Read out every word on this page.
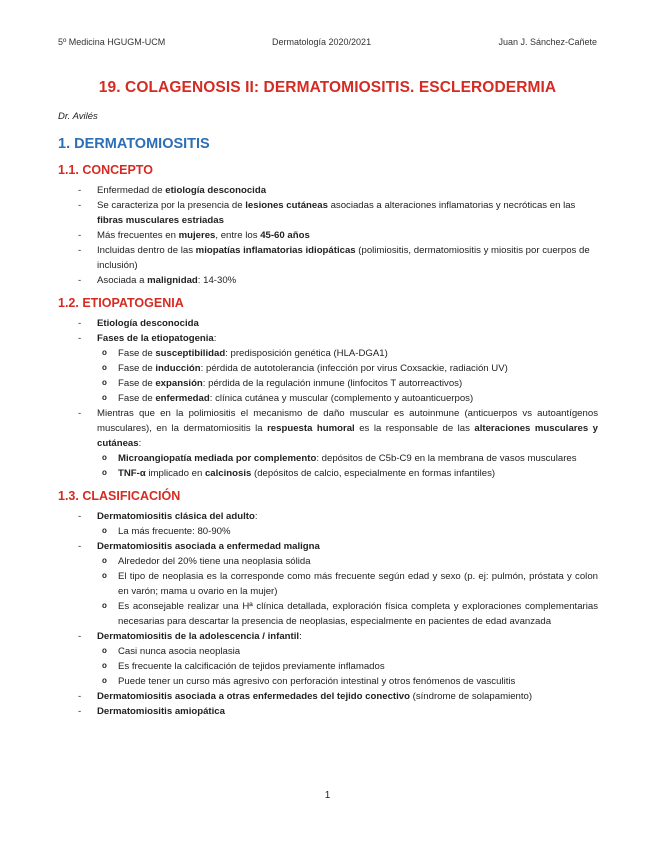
5º Medicina HGUGM-UCM	Dermatología 2020/2021	Juan J. Sánchez-Cañete
19. COLAGENOSIS II: DERMATOMIOSITIS. ESCLERODERMIA
Dr. Avilés
1. DERMATOMIOSITIS
1.1. CONCEPTO
- Enfermedad de etiología desconocida
- Se caracteriza por la presencia de lesiones cutáneas asociadas a alteraciones inflamatorias y necróticas en las fibras musculares estriadas
- Más frecuentes en mujeres, entre los 45-60 años
- Incluidas dentro de las miopatías inflamatorias idiopáticas (polimiositis, dermatomiositis y miositis por cuerpos de inclusión)
- Asociada a malignidad: 14-30%
1.2. ETIOPATOGENIA
- Etiología desconocida
- Fases de la etiopatogenia:
o Fase de susceptibilidad: predisposición genética (HLA-DGA1)
o Fase de inducción: pérdida de autotolerancia (infección por virus Coxsackie, radiación UV)
o Fase de expansión: pérdida de la regulación inmune (linfocitos T autorreactivos)
o Fase de enfermedad: clínica cutánea y muscular (complemento y autoanticuerpos)
- Mientras que en la polimiositis el mecanismo de daño muscular es autoinmune (anticuerpos vs autoantígenos musculares), en la dermatomiositis la respuesta humoral es la responsable de las alteraciones musculares y cutáneas:
o Microangiopatía mediada por complemento: depósitos de C5b-C9 en la membrana de vasos musculares
o TNF-α implicado en calcinosis (depósitos de calcio, especialmente en formas infantiles)
1.3. CLASIFICACIÓN
- Dermatomiositis clásica del adulto:
o La más frecuente: 80-90%
- Dermatomiositis asociada a enfermedad maligna
o Alrededor del 20% tiene una neoplasia sólida
o El tipo de neoplasia es la corresponde como más frecuente según edad y sexo (p. ej: pulmón, próstata y colon en varón; mama u ovario en la mujer)
o Es aconsejable realizar una Hª clínica detallada, exploración física completa y exploraciones complementarias necesarias para descartar la presencia de neoplasias, especialmente en pacientes de edad avanzada
- Dermatomiositis de la adolescencia / infantil:
o Casi nunca asocia neoplasia
o Es frecuente la calcificación de tejidos previamente inflamados
o Puede tener un curso más agresivo con perforación intestinal y otros fenómenos de vasculitis
- Dermatomiositis asociada a otras enfermedades del tejido conectivo (síndrome de solapamiento)
- Dermatomiositis amiopática
1
